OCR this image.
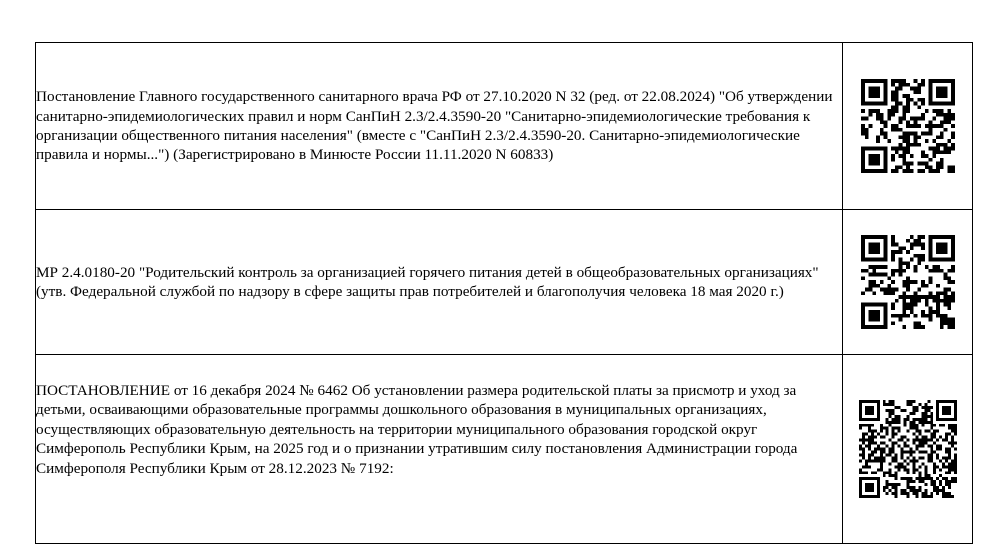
Постановление Главного государственного санитарного врача РФ от 27.10.2020 N 32 (ред. от 22.08.2024) "Об утверждении санитарно-эпидемиологических правил и норм СанПиН 2.3/2.4.3590-20 "Санитарно-эпидемиологические требования к организации общественного питания населения" (вместе с "СанПиН 2.3/2.4.3590-20. Санитарно-эпидемиологические правила и нормы...") (Зарегистрировано в Минюсте России 11.11.2020 N 60833)

МР 2.4.0180-20 "Родительский контроль за организацией горячего питания детей в общеобразовательных организациях" (утв. Федеральной службой по надзору в сфере защиты прав потребителей и благополучия человека 18 мая 2020 г.)

ПОСТАНОВЛЕНИЕ от 16 декабря 2024 № 6462 Об установлении размера родительской платы за присмотр и уход за детьми, осваивающими образовательные программы дошкольного образования в муниципальных организациях, осуществляющих образовательную деятельность на территории муниципального образования городской округ Симферополь Республики Крым, на 2025 год и о признании утратившим силу постановления Администрации города Симферополя Республики Крым от 28.12.2023 № 7192:
